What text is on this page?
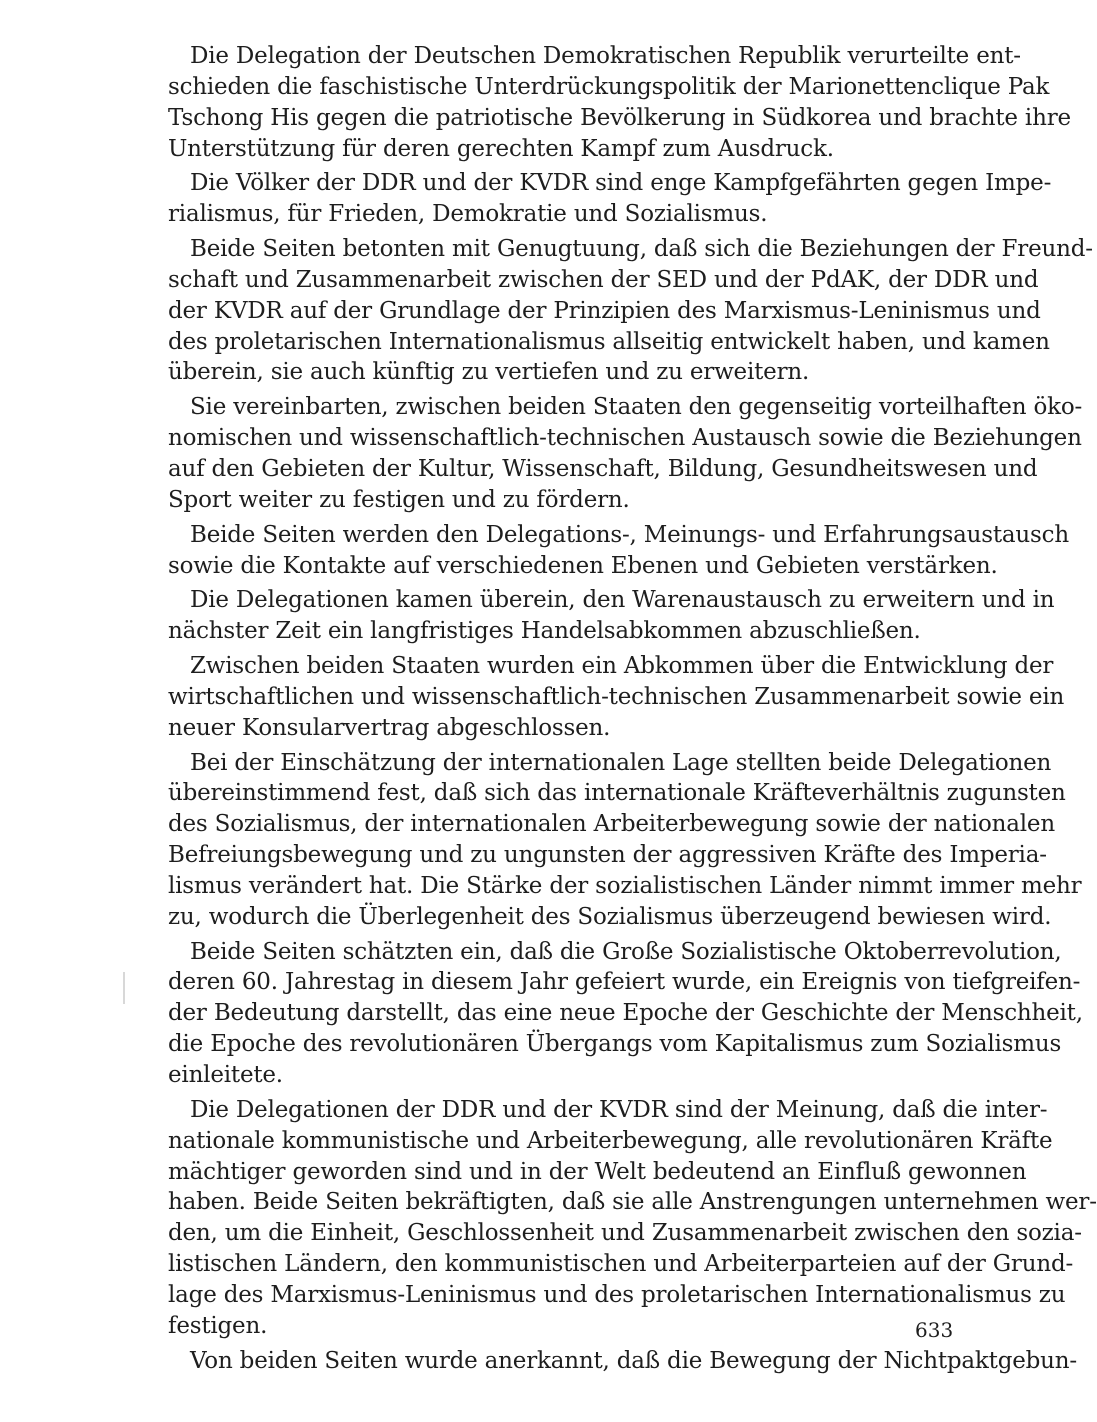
Die Delegation der Deutschen Demokratischen Republik verurteilte ent-
schieden die faschistische Unterdrückungspolitik der Marionettenclique Pak
Tschong His gegen die patriotische Bevölkerung in Südkorea und brachte ihre
Unterstützung für deren gerechten Kampf zum Ausdruck.
Die Völker der DDR und der KVDR sind enge Kampfgefährten gegen Impe-
rialismus, für Frieden, Demokratie und Sozialismus.
Beide Seiten betonten mit Genugtuung, daß sich die Beziehungen der Freund-
schaft und Zusammenarbeit zwischen der SED und der PdAK, der DDR und
der KVDR auf der Grundlage der Prinzipien des Marxismus-Leninismus und
des proletarischen Internationalismus allseitig entwickelt haben, und kamen
überein, sie auch künftig zu vertiefen und zu erweitern.
Sie vereinbarten, zwischen beiden Staaten den gegenseitig vorteilhaften öko-
nomischen und wissenschaftlich-technischen Austausch sowie die Beziehungen
auf den Gebieten der Kultur, Wissenschaft, Bildung, Gesundheitswesen und
Sport weiter zu festigen und zu fördern.
Beide Seiten werden den Delegations-, Meinungs- und Erfahrungsaustausch
sowie die Kontakte auf verschiedenen Ebenen und Gebieten verstärken.
Die Delegationen kamen überein, den Warenaustausch zu erweitern und in
nächster Zeit ein langfristiges Handelsabkommen abzuschließen.
Zwischen beiden Staaten wurden ein Abkommen über die Entwicklung der
wirtschaftlichen und wissenschaftlich-technischen Zusammenarbeit sowie ein
neuer Konsularvertrag abgeschlossen.
Bei der Einschätzung der internationalen Lage stellten beide Delegationen
übereinstimmend fest, daß sich das internationale Kräfteverhältnis zugunsten
des Sozialismus, der internationalen Arbeiterbewegung sowie der nationalen
Befreiungsbewegung und zu ungunsten der aggressiven Kräfte des Imperia-
lismus verändert hat. Die Stärke der sozialistischen Länder nimmt immer mehr
zu, wodurch die Überlegenheit des Sozialismus überzeugend bewiesen wird.
Beide Seiten schätzten ein, daß die Große Sozialistische Oktoberrevolution,
deren 60. Jahrestag in diesem Jahr gefeiert wurde, ein Ereignis von tiefgreifen-
der Bedeutung darstellt, das eine neue Epoche der Geschichte der Menschheit,
die Epoche des revolutionären Übergangs vom Kapitalismus zum Sozialismus
einleitete.
Die Delegationen der DDR und der KVDR sind der Meinung, daß die inter-
nationale kommunistische und Arbeiterbewegung, alle revolutionären Kräfte
mächtiger geworden sind und in der Welt bedeutend an Einfluß gewonnen
haben. Beide Seiten bekräftigten, daß sie alle Anstrengungen unternehmen wer-
den, um die Einheit, Geschlossenheit und Zusammenarbeit zwischen den sozia-
listischen Ländern, den kommunistischen und Arbeiterparteien auf der Grund-
lage des Marxismus-Leninismus und des proletarischen Internationalismus zu
festigen.
Von beiden Seiten wurde anerkannt, daß die Bewegung der Nichtpaktgebun-
633
